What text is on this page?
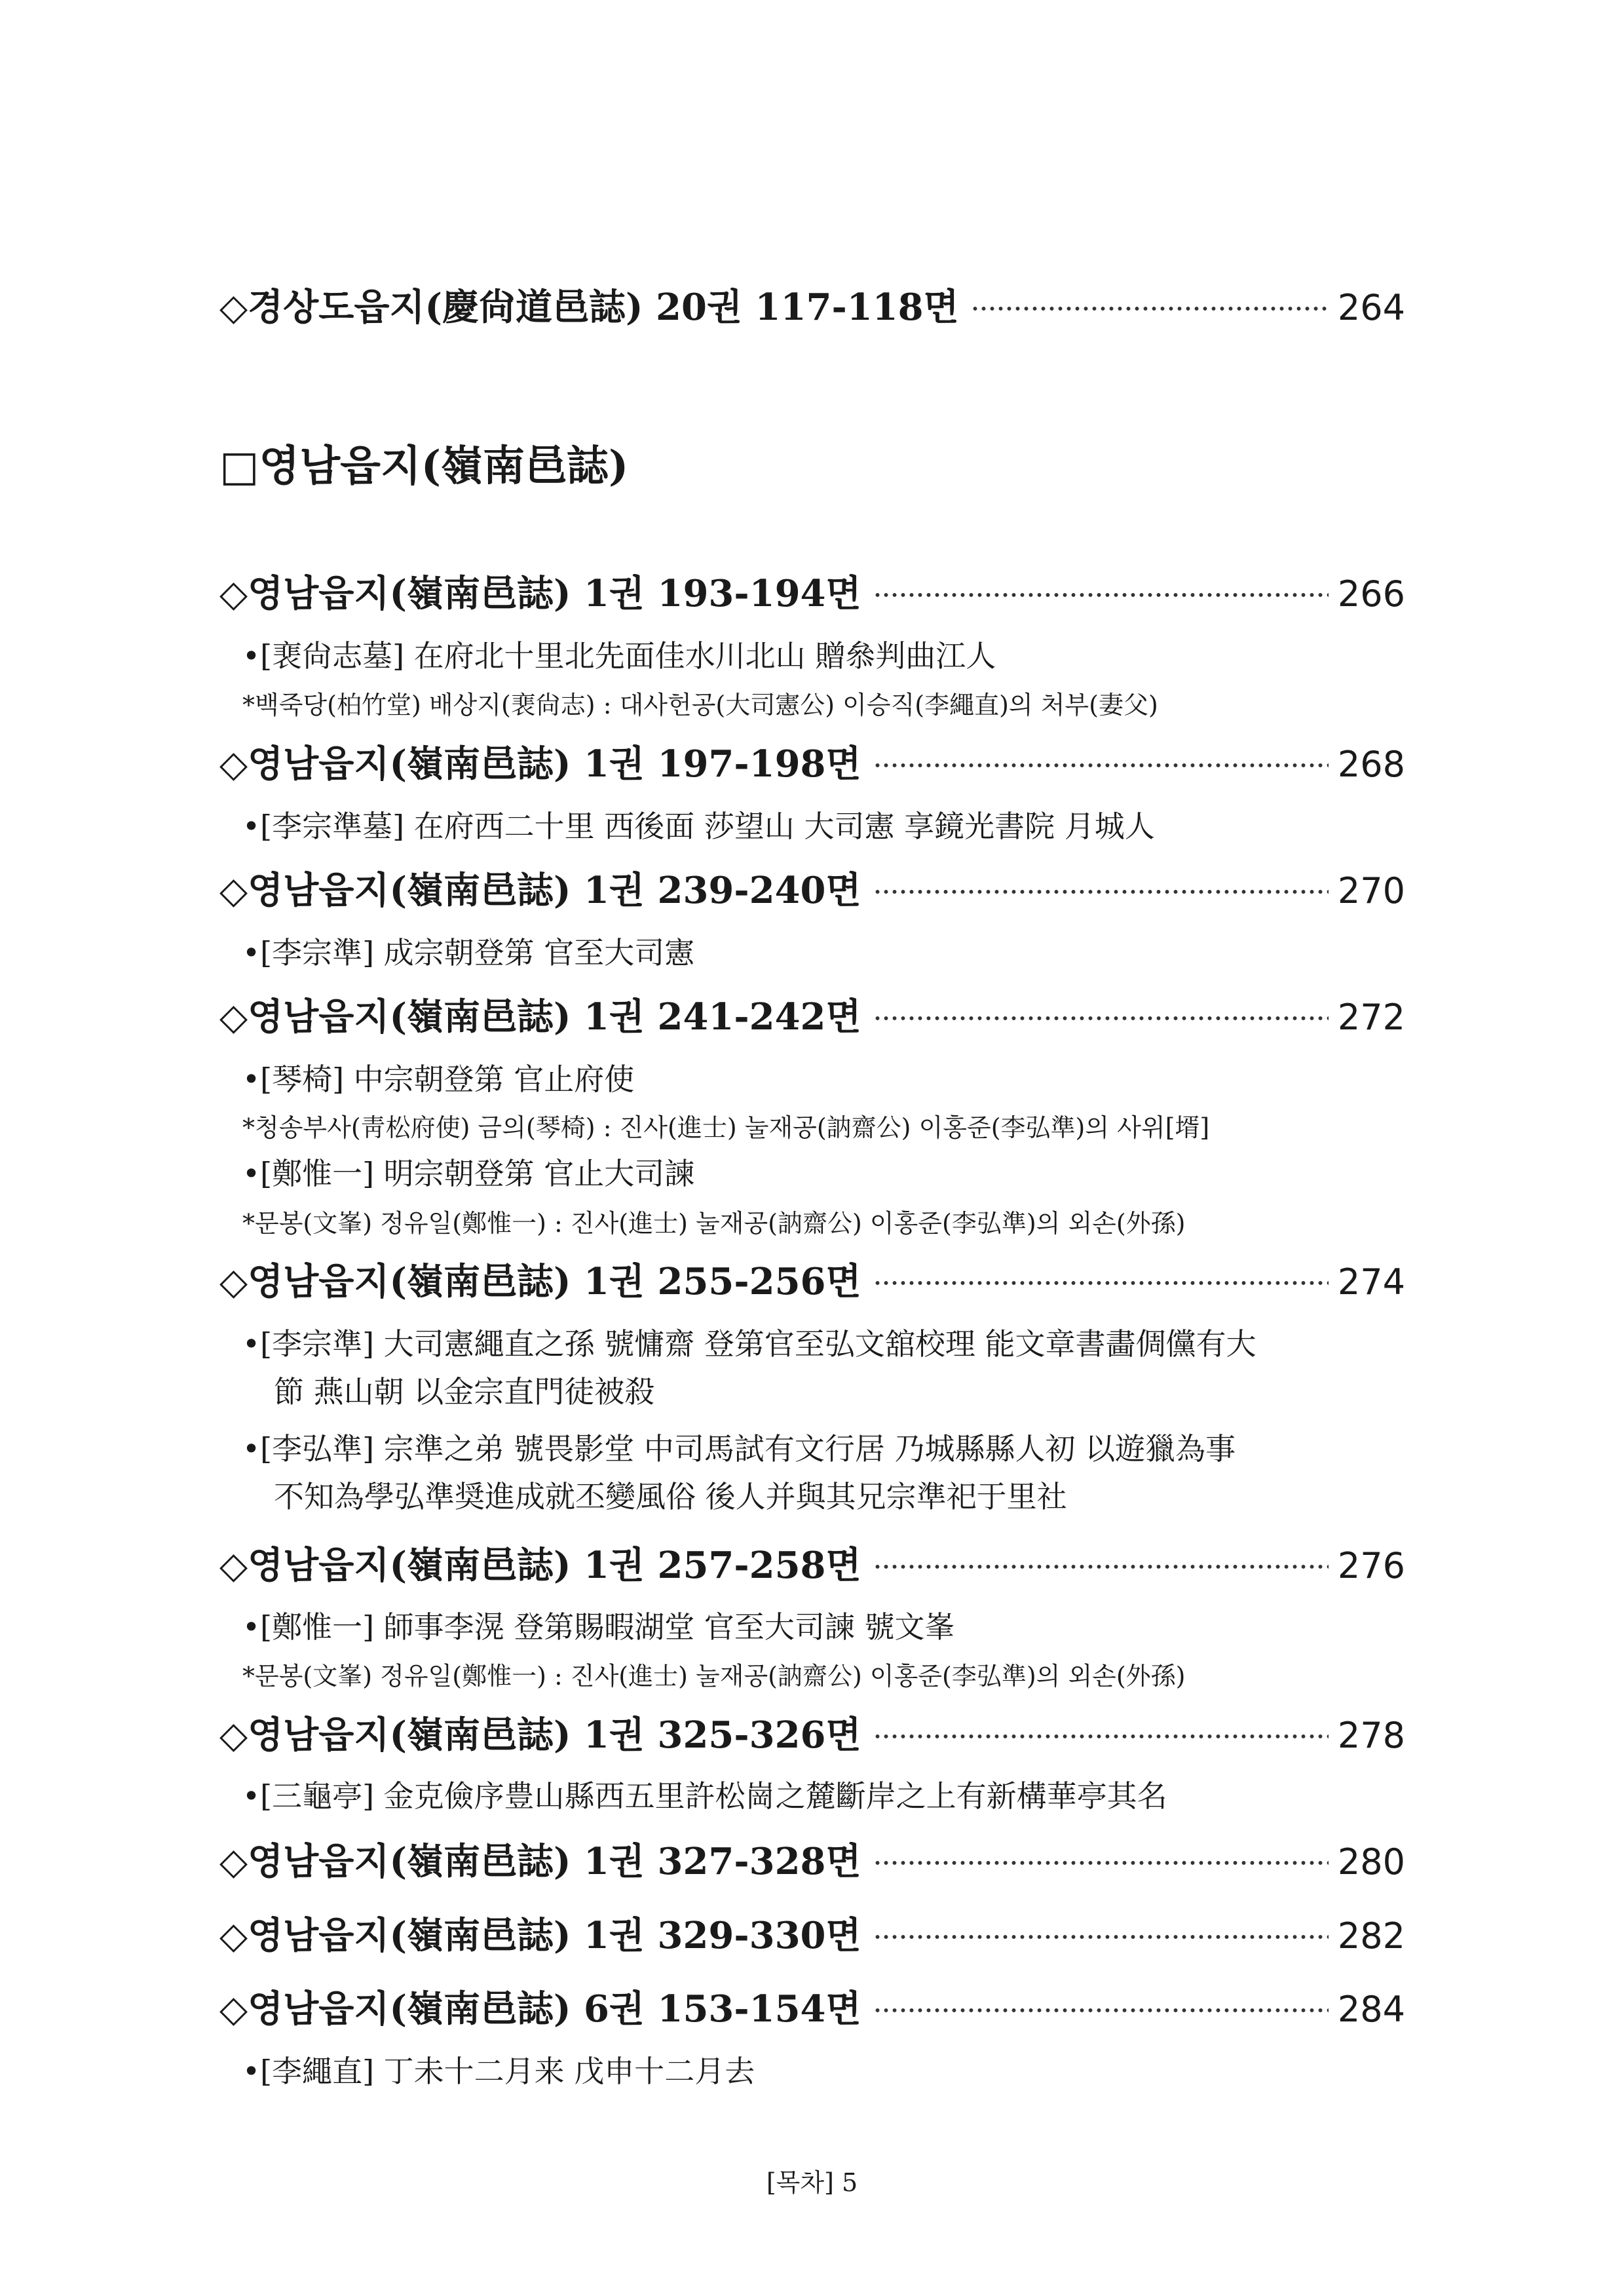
◇경상도읍지(慶尙道邑誌) 20권 117-118면	264
□영남읍지(嶺南邑誌)
◇영남읍지(嶺南邑誌) 1권 193-194면	266
•[裵尙志墓] 在府北十里北先面佳水川北山 贈叅判曲江人
*백죽당(柏竹堂) 배상지(裵尙志) : 대사헌공(大司憲公) 이승직(李繩直)의 처부(妻父)
◇영남읍지(嶺南邑誌) 1권 197-198면	268
•[李宗準墓] 在府西二十里 西後面 莎望山 大司憲 享鏡光書院 月城人
◇영남읍지(嶺南邑誌) 1권 239-240면	270
•[李宗準] 成宗朝登第 官至大司憲
◇영남읍지(嶺南邑誌) 1권 241-242면	272
•[琴椅] 中宗朝登第 官止府使
*청송부사(靑松府使) 금의(琴椅) : 진사(進士) 눌재공(訥齋公) 이홍준(李弘準)의 사위[壻]
•[鄭惟一] 明宗朝登第 官止大司諫
*문봉(文峯) 정유일(鄭惟一) : 진사(進士) 눌재공(訥齋公) 이홍준(李弘準)의 외손(外孫)
◇영남읍지(嶺南邑誌) 1권 255-256면	274
•[李宗準] 大司憲繩直之孫 號慵齋 登第官至弘文舘校理 能文章書畵倜儻有大
節 燕山朝 以金宗直門徒被殺
•[李弘準] 宗準之弟 號畏影堂 中司馬試有文行居 乃城縣縣人初 以遊獵為事
不知為學弘準奨進成就丕變風俗 後人并與其兄宗準祀于里社
◇영남읍지(嶺南邑誌) 1권 257-258면	276
•[鄭惟一] 師事李滉 登第賜暇湖堂 官至大司諫 號文峯
*문봉(文峯) 정유일(鄭惟一) : 진사(進士) 눌재공(訥齋公) 이홍준(李弘準)의 외손(外孫)
◇영남읍지(嶺南邑誌) 1권 325-326면	278
•[三龜亭] 金克儉序豊山縣西五里許松崗之麓斷岸之上有新構華亭其名
◇영남읍지(嶺南邑誌) 1권 327-328면	280
◇영남읍지(嶺南邑誌) 1권 329-330면	282
◇영남읍지(嶺南邑誌) 6권 153-154면	284
•[李繩直] 丁未十二月来 戊申十二月去
[목차] 5
